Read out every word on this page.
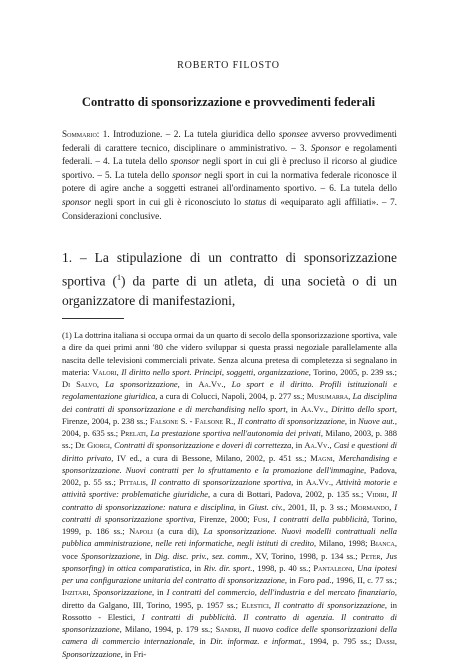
ROBERTO FILOSTO
Contratto di sponsorizzazione e provvedimenti federali
Sommario: 1. Introduzione. – 2. La tutela giuridica dello sponsee avverso provvedimenti federali di carattere tecnico, disciplinare o amministrativo. – 3. Sponsor e regolamenti federali. – 4. La tutela dello sponsor negli sport in cui gli è precluso il ricorso al giudice sportivo. – 5. La tutela dello sponsor negli sport in cui la normativa federale riconosce il potere di agire anche a soggetti estranei all'ordinamento sportivo. – 6. La tutela dello sponsor negli sport in cui gli è riconosciuto lo status di «equiparato agli affiliati». – 7. Considerazioni conclusive.
1. – La stipulazione di un contratto di sponsorizzazione sportiva ($^1$) da parte di un atleta, di una società o di un organizzatore di manifestazioni,
(1) La dottrina italiana si occupa ormai da un quarto di secolo della sponsorizzazione sportiva, vale a dire da quei primi anni '80 che videro sviluppar si questa prassi negoziale parallelamente alla nascita delle televisioni commerciali private. Senza alcuna pretesa di completezza si segnalano in materia: Valori, Il diritto nello sport. Principi, soggetti, organizzazione, Torino, 2005, p. 239 ss.; Di Salvo, La sponsorizzazione, in Aa.Vv., Lo sport e il diritto. Profili istituzionali e regolamentazione giuridica, a cura di Colucci, Napoli, 2004, p. 277 ss.; Musumarra, La disciplina dei contratti di sponsorizzazione e di merchandising nello sport, in Aa.Vv., Diritto dello sport, Firenze, 2004, p. 238 ss.; Falsone S. - Falsone R., Il contratto di sponsorizzazione, in Nuove aut., 2004, p. 635 ss.; Prelati, La prestazione sportiva nell'autonomia dei privati, Milano, 2003, p. 388 ss.; De Giorgi, Contratti di sponsorizzazione e doveri di correttezza, in Aa.Vv., Casi e questioni di diritto privato, IV ed., a cura di Bessone, Milano, 2002, p. 451 ss.; Magni, Merchandising e sponsorizzazione. Nuovi contratti per lo sfruttamento e la promozione dell'immagine, Padova, 2002, p. 55 ss.; Pittalis, Il contratto di sponsorizzazione sportiva, in Aa.Vv., Attività motorie e attività sportive: problematiche giuridiche, a cura di Bottari, Padova, 2002, p. 135 ss.; Vidiri, Il contratto di sponsorizzazione: natura e disciplina, in Giust. civ., 2001, II, p. 3 ss.; Mormando, I contratti di sponsorizzazione sportiva, Firenze, 2000; Fusi, I contratti della pubblicità, Torino, 1999, p. 186 ss.; Napoli (a cura di), La sponsorizzazione. Nuovi modelli contrattuali nella pubblica amministrazione, nelle reti informatiche, negli istituti di credito, Milano, 1998; Bianca, voce Sponsorizzazione, in Dig. disc. priv., sez. comm., XV, Torino, 1998, p. 134 ss.; Peter, Jus sponsorfing) in ottica comparatistica, in Riv. dir. sport., 1998, p. 40 ss.; Pantaleoni, Una ipotesi per una configurazione unitaria del contratto di sponsorizzazione, in Foro pad., 1996, II, c. 77 ss.; Inzitari, Sponsorizzazione, in I contratti del commercio, dell'industria e del mercato finanziario, diretto da Galgano, III, Torino, 1995, p. 1957 ss.; Elestici, Il contratto di sponsorizzazione, in Rossotto - Elestici, I contratti di pubblicità. Il contratto di agenzia. Il contratto di sponsorizzazione, Milano, 1994, p. 179 ss.; Sandri, Il nuovo codice delle sponsorizzazioni della camera di commercio internazionale, in Dir. informaz. e informat., 1994, p. 795 ss.; Dassi, Sponsorizzazione, in Fri-
